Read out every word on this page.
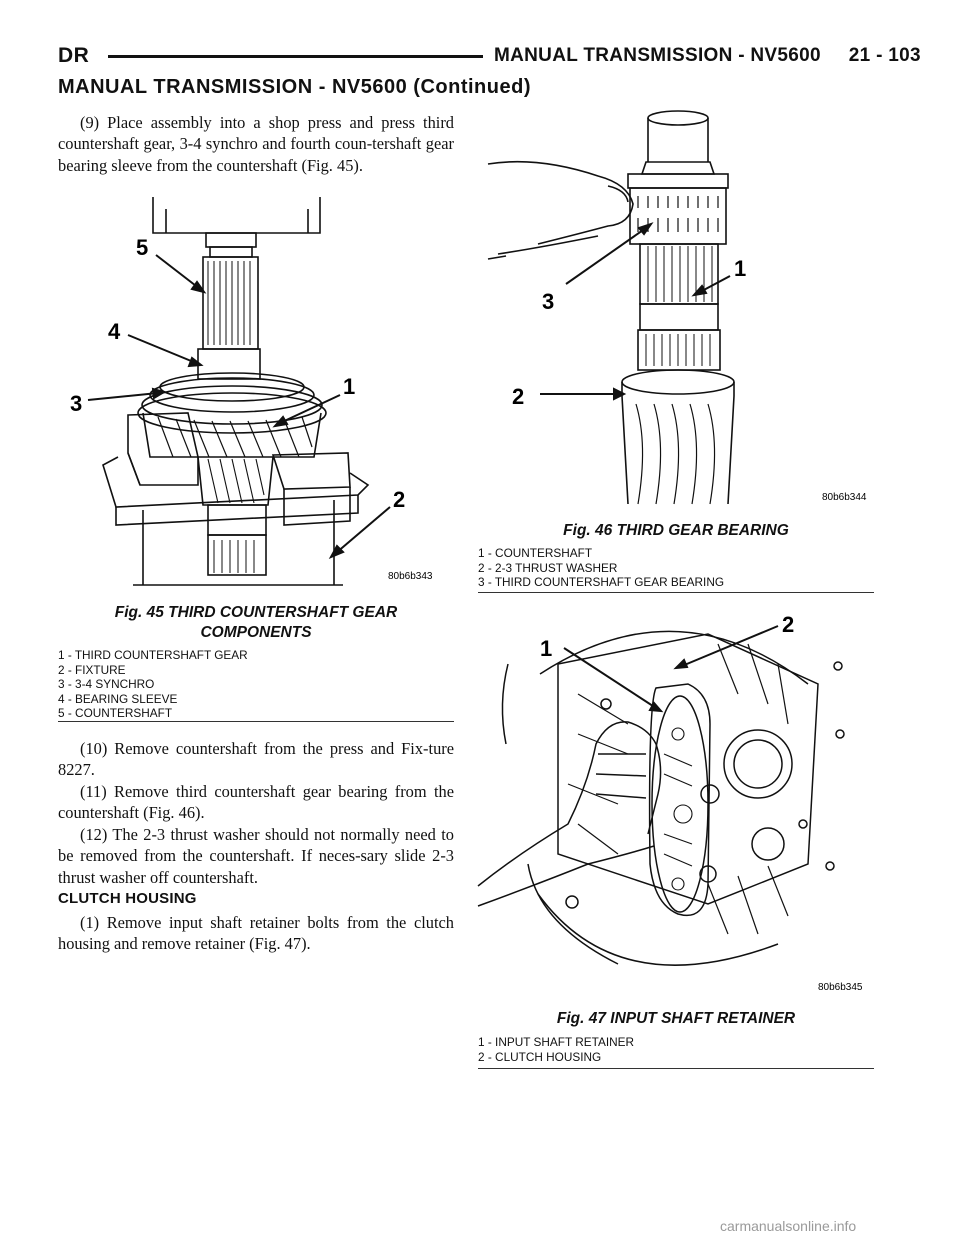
DR	MANUAL TRANSMISSION - NV5600     21 - 103
MANUAL TRANSMISSION - NV5600 (Continued)

(9) Place assembly into a shop press and press third countershaft gear, 3-4 synchro and fourth coun-tershaft gear bearing sleeve from the countershaft (Fig. 45).

5
4
3
1
2
80b6b343
Fig. 45 THIRD COUNTERSHAFT GEAR
COMPONENTS
1 - THIRD COUNTERSHAFT GEAR
2 - FIXTURE
3 - 3-4 SYNCHRO
4 - BEARING SLEEVE
5 - COUNTERSHAFT

(10) Remove countershaft from the press and Fix-ture 8227.

(11) Remove third countershaft gear bearing from the countershaft (Fig. 46).

(12) The 2-3 thrust washer should not normally need to be removed from the countershaft. If neces-sary slide 2-3 thrust washer off countershaft.

CLUTCH HOUSING

(1) Remove input shaft retainer bolts from the clutch housing and remove retainer (Fig. 47).

1
3
2
80b6b344
Fig. 46 THIRD GEAR BEARING
1 - COUNTERSHAFT
2 - 2-3 THRUST WASHER
3 - THIRD COUNTERSHAFT GEAR BEARING
1
2
80b6b345
Fig. 47 INPUT SHAFT RETAINER
1 - INPUT SHAFT RETAINER
2 - CLUTCH HOUSING
carmanualsonline.info
